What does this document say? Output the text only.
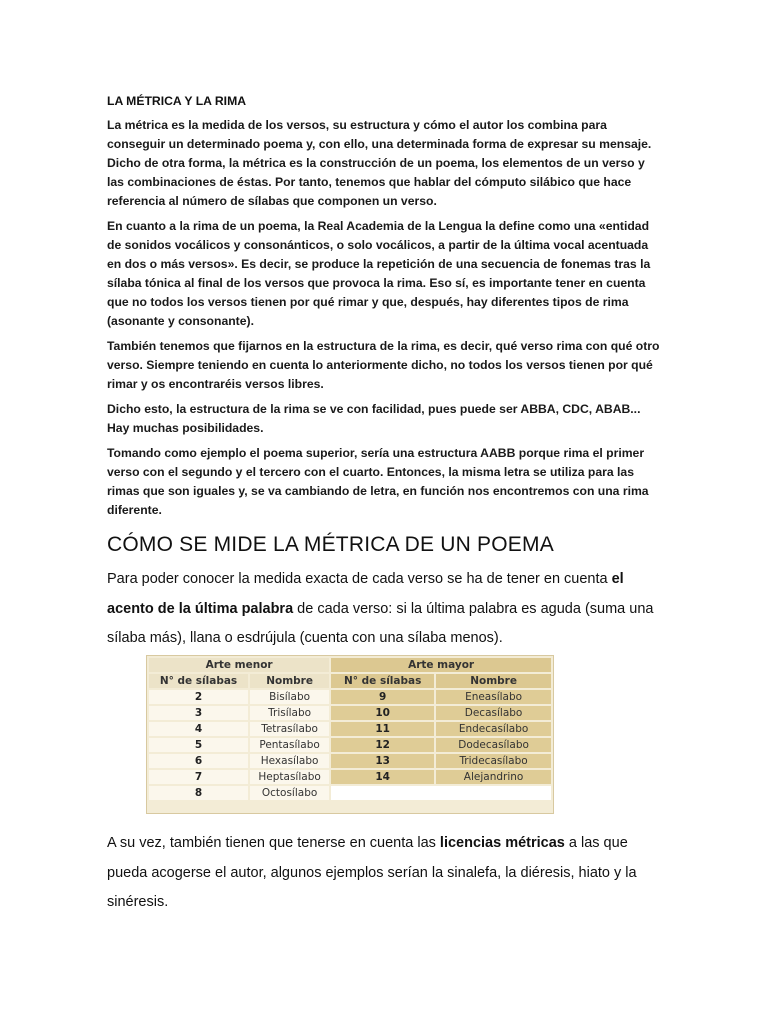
LA MÉTRICA Y LA RIMA

La métrica es la medida de los versos, su estructura y cómo el autor los combina para conseguir un determinado poema y, con ello, una determinada forma de expresar su mensaje. Dicho de otra forma, la métrica es la construcción de un poema, los elementos de un verso y las combinaciones de éstas. Por tanto, tenemos que hablar del cómputo silábico que hace referencia al número de sílabas que componen un verso.

En cuanto a la rima de un poema, la Real Academia de la Lengua la define como una «entidad de sonidos vocálicos y consonánticos, o solo vocálicos, a partir de la última vocal acentuada en dos o más versos». Es decir, se produce la repetición de una secuencia de fonemas tras la sílaba tónica al final de los versos que provoca la rima. Eso sí, es importante tener en cuenta que no todos los versos tienen por qué rimar y que, después, hay diferentes tipos de rima (asonante y consonante).

También tenemos que fijarnos en la estructura de la rima, es decir, qué verso rima con qué otro verso. Siempre teniendo en cuenta lo anteriormente dicho, no todos los versos tienen por qué rimar y os encontraréis versos libres.

Dicho esto, la estructura de la rima se ve con facilidad, pues puede ser ABBA, CDC, ABAB... Hay muchas posibilidades.

Tomando como ejemplo el poema superior, sería una estructura AABB porque rima el primer verso con el segundo y el tercero con el cuarto. Entonces, la misma letra se utiliza para las rimas que son iguales y, se va cambiando de letra, en función nos encontremos con una rima diferente.

CÓMO SE MIDE LA MÉTRICA DE UN POEMA

Para poder conocer la medida exacta de cada verso se ha de tener en cuenta el acento de la última palabra de cada verso: si la última palabra es aguda (suma una sílaba más), llana o esdrújula (cuenta con una sílaba menos).

Arte menor		Arte mayor	
N° de sílabas	Nombre	N° de sílabas	Nombre
2	Bisílabo	9	Eneasílabo
3	Trisílabo	10	Decasílabo
4	Tetrasílabo	11	Endecasílabo
5	Pentasílabo	12	Dodecasílabo
6	Hexasílabo	13	Tridecasílabo
7	Heptasílabo	14	Alejandrino
8	Octosílabo		

A su vez, también tienen que tenerse en cuenta las licencias métricas a las que pueda acogerse el autor, algunos ejemplos serían la sinalefa, la diéresis, hiato y la sinéresis.
